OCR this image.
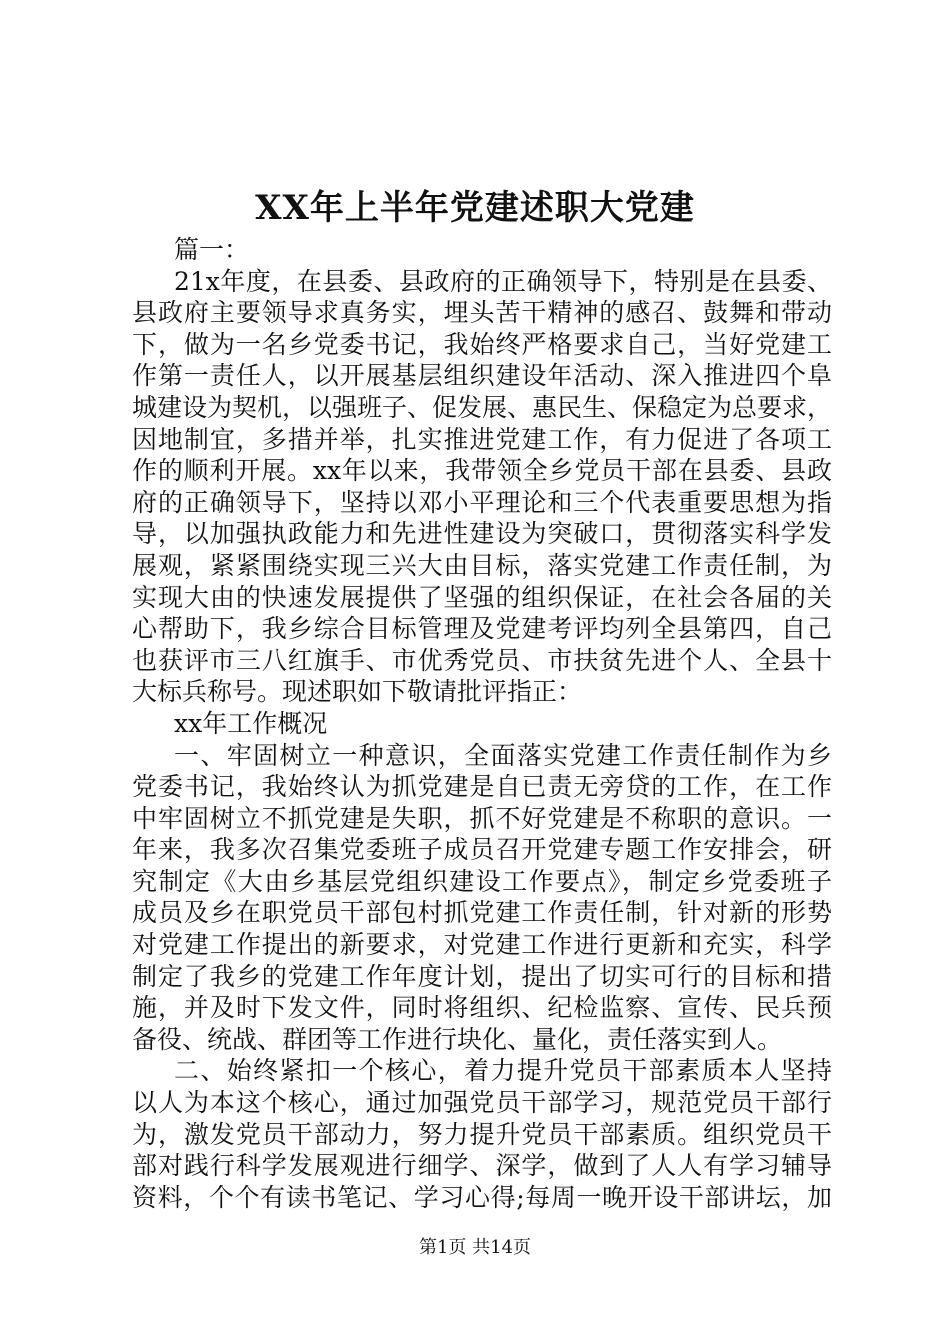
XX年上半年党建述职大党建
篇一：
21x年度，在县委、县政府的正确领导下，特别是在县委、
县政府主要领导求真务实，埋头苦干精神的感召、鼓舞和带动
下，做为一名乡党委书记，我始终严格要求自己，当好党建工
作第一责任人，以开展基层组织建设年活动、深入推进四个阜
城建设为契机，以强班子、促发展、惠民生、保稳定为总要求，
因地制宜，多措并举，扎实推进党建工作，有力促进了各项工
作的顺利开展。xx年以来，我带领全乡党员干部在县委、县政
府的正确领导下，坚持以邓小平理论和三个代表重要思想为指
导，以加强执政能力和先进性建设为突破口，贯彻落实科学发
展观，紧紧围绕实现三兴大由目标，落实党建工作责任制，为
实现大由的快速发展提供了坚强的组织保证，在社会各届的关
心帮助下，我乡综合目标管理及党建考评均列全县第四，自己
也获评市三八红旗手、市优秀党员、市扶贫先进个人、全县十
大标兵称号。现述职如下敬请批评指正：
xx年工作概况
一、牢固树立一种意识，全面落实党建工作责任制作为乡
党委书记，我始终认为抓党建是自已责无旁贷的工作，在工作
中牢固树立不抓党建是失职，抓不好党建是不称职的意识。一
年来，我多次召集党委班子成员召开党建专题工作安排会，研
究制定《大由乡基层党组织建设工作要点》，制定乡党委班子
成员及乡在职党员干部包村抓党建工作责任制，针对新的形势
对党建工作提出的新要求，对党建工作进行更新和充实，科学
制定了我乡的党建工作年度计划，提出了切实可行的目标和措
施，并及时下发文件，同时将组织、纪检监察、宣传、民兵预
备役、统战、群团等工作进行块化、量化，责任落实到人。
二、始终紧扣一个核心，着力提升党员干部素质本人坚持
以人为本这个核心，通过加强党员干部学习，规范党员干部行
为，激发党员干部动力，努力提升党员干部素质。组织党员干
部对践行科学发展观进行细学、深学，做到了人人有学习辅导
资料，个个有读书笔记、学习心得;每周一晚开设干部讲坛，加

第1页 共14页
